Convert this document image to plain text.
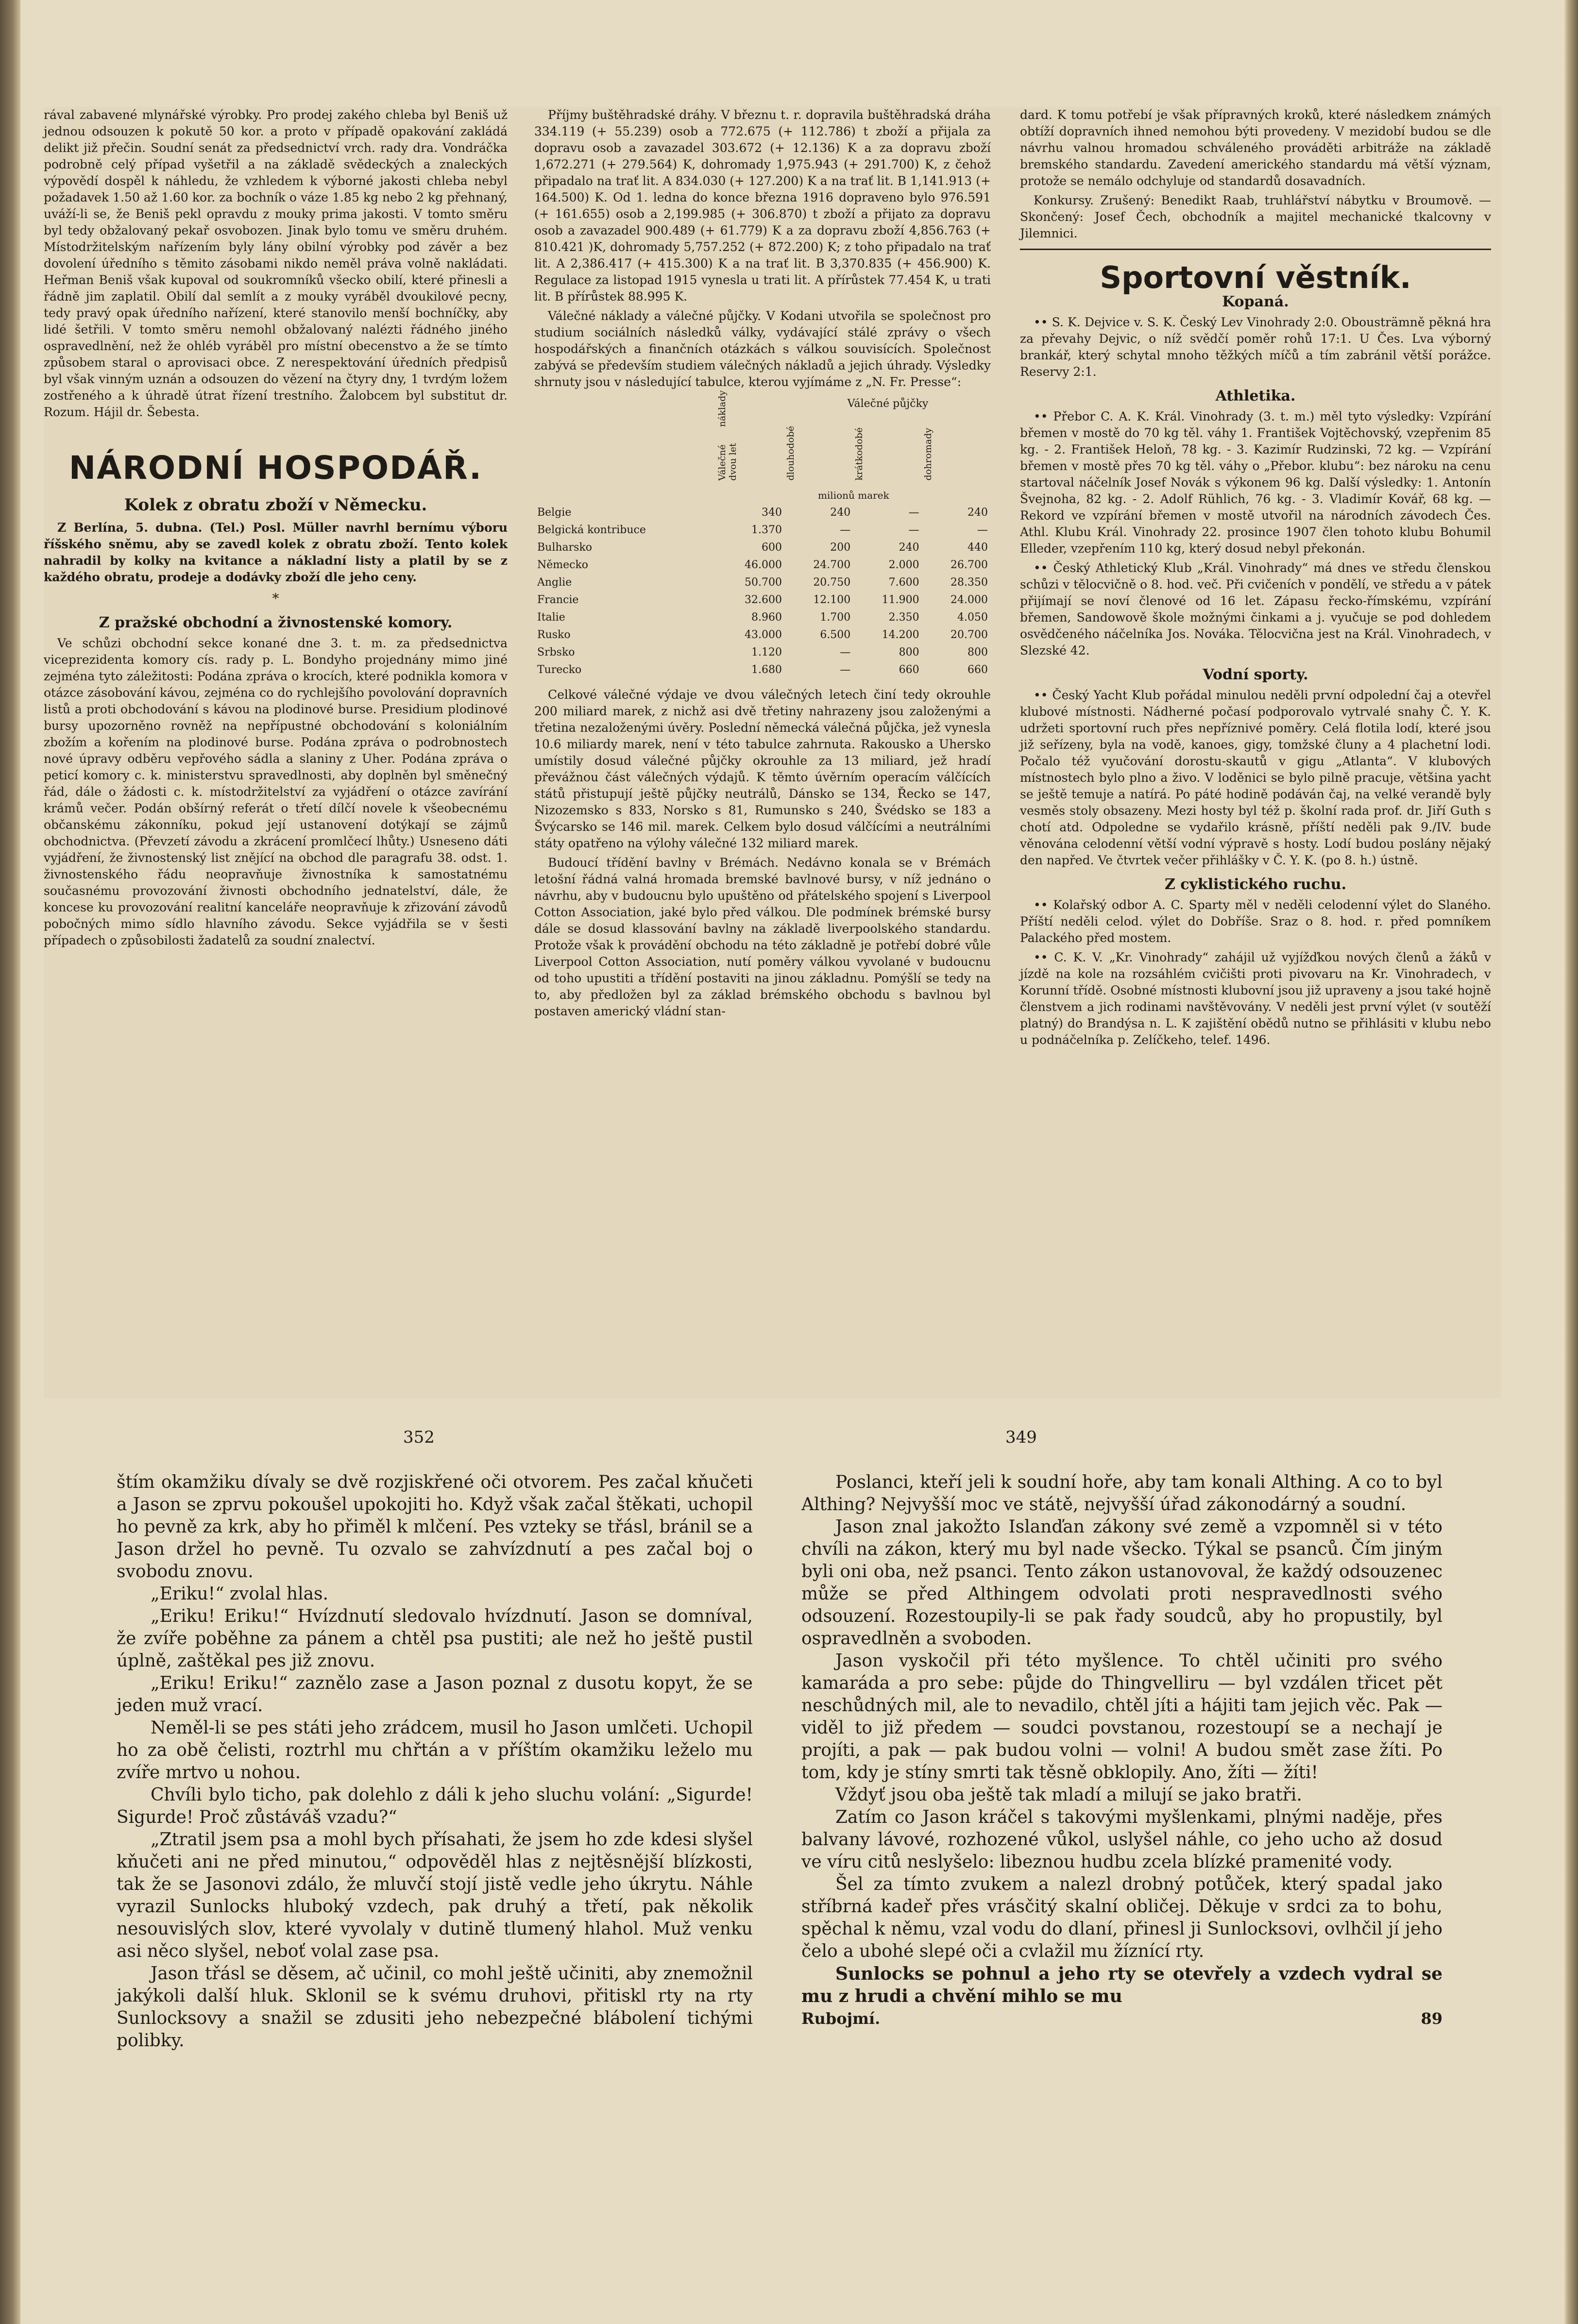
rával zabavené mlynářské výrobky. Pro prodej zakého chleba byl Beniš už jednou odsouzen k pokutě 50 kor. a proto v případě opakování zakládá delikt již přečin. Soudní senát za předsednictví vrch. rady dra. Vondráčka podrobně celý případ vyšetřil a na základě svědeckých a znaleckých výpovědí dospěl k náhledu, že vzhledem k výborné jakosti chleba nebyl požadavek 1.50 až 1.60 kor. za bochník o váze 1.85 kg nebo 2 kg přehnaný, uváží-li se, že Beniš pekl opravdu z mouky prima jakosti. V tomto směru byl tedy obžalovaný pekař osvobozen. Jinak bylo tomu ve směru druhém. Místodržitelským nařízením byly lány obilní výrobky pod závěr a bez dovolení úředního s těmito zásobami nikdo neměl práva volně nakládati. Heřman Beniš však kupoval od soukromníků všecko obilí, které přinesli a řádně jim zaplatil. Obilí dal semlít a z mouky vyráběl dvoukilové pecny, tedy pravý opak úředního nařízení, které stanovilo menší bochníčky, aby lidé šetřili. V tomto směru nemohl obžalovaný nalézti řádného jiného ospravedlnění, než že ohléb vyráběl pro místní obecenstvo a že se tímto způsobem staral o aprovisaci obce. Z nerespektování úředních předpisů byl však vinným uznán a odsouzen do vězení na čtyry dny, 1 tvrdým ložem zostřeného a k úhradě útrat řízení trestního. Žalobcem byl substitut dr. Rozum. Hájil dr. Šebesta.

NÁRODNÍ HOSPODÁŘ.
Kolek z obratu zboží v Německu.

Z Berlína, 5. dubna. (Tel.) Posl. Müller navrhl bernímu výboru říšského sněmu, aby se zavedl kolek z obratu zboží. Tento kolek nahradil by kolky na kvitance a nákladní listy a platil by se z každého obratu, prodeje a dodávky zboží dle jeho ceny.

*
Z pražské obchodní a živnostenské komory.

Ve schůzi obchodní sekce konané dne 3. t. m. za předsednictva viceprezidenta komory cís. rady p. L. Bondyho projednány mimo jiné zejména tyto záležitosti: Podána zpráva o krocích, které podnikla komora v otázce zásobování kávou, zejména co do rychlejšího povolování dopravních listů a proti obchodování s kávou na plodinové burse. Presidium plodinové bursy upozorněno rovněž na nepřípustné obchodování s koloniálním zbožím a kořením na plodinové burse. Podána zpráva o podrobnostech nové úpravy odběru vepřového sádla a slaniny z Uher. Podána zpráva o peticí komory c. k. ministerstvu spravedlnosti, aby doplněn byl směnečný řád, dále o žádosti c. k. místodržitelství za vyjádření o otázce zavírání krámů večer. Podán obšírný referát o třetí dílčí novele k všeobecnému občanskému zákonníku, pokud její ustanovení dotýkají se zájmů obchodnictva. (Převzetí závodu a zkrácení promlčecí lhůty.) Usneseno dáti vyjádření, že živnostenský list znějící na obchod dle paragrafu 38. odst. 1. živnostenského řádu neopravňuje živnostníka k samostatnému současnému provozování živnosti obchodního jednatelství, dále, že koncese ku provozování realitní kanceláře neopravňuje k zřizování závodů pobočných mimo sídlo hlavního závodu. Sekce vyjádřila se v šesti případech o způsobilosti žadatelů za soudní znalectví.

Příjmy buštěhradské dráhy. V březnu t. r. dopravila buštěhradská dráha 334.119 (+ 55.239) osob a 772.675 (+ 112.786) t zboží a přijala za dopravu osob a zavazadel 303.672 (+ 12.136) K a za dopravu zboží 1,672.271 (+ 279.564) K, dohromady 1,975.943 (+ 291.700) K, z čehož připadalo na trať lit. A 834.030 (+ 127.200) K a na trať lit. B 1,141.913 (+ 164.500) K. Od 1. ledna do konce března 1916 dopraveno bylo 976.591 (+ 161.655) osob a 2,199.985 (+ 306.870) t zboží a přijato za dopravu osob a zavazadel 900.489 (+ 61.779) K a za dopravu zboží 4,856.763 (+ 810.421 )K, dohromady 5,757.252 (+ 872.200) K; z toho připadalo na trať lit. A 2,386.417 (+ 415.300) K a na trať lit. B 3,370.835 (+ 456.900) K. Regulace za listopad 1915 vynesla u trati lit. A přírůstek 77.454 K, u trati lit. B přírůstek 88.995 K.

Válečné náklady a válečné půjčky. V Kodani utvořila se společnost pro studium sociálních následků války, vydávající stálé zprávy o všech hospodářských a finančních otázkách s válkou souvisících. Společnost zabývá se především studiem válečných nákladů a jejich úhrady. Výsledky shrnuty jsou v následující tabulce, kterou vyjímáme z „N. Fr. Presse“:

	Válečné náklady dvou let	Válečné půjčky		
		dlouhodobé	krátkodobé	dohromady
	milionů marek			
Belgie	340	240	—	240
Belgická kontribuce	1.370	—	—	—
Bulharsko	600	200	240	440
Německo	46.000	24.700	2.000	26.700
Anglie	50.700	20.750	7.600	28.350
Francie	32.600	12.100	11.900	24.000
Italie	8.960	1.700	2.350	4.050
Rusko	43.000	6.500	14.200	20.700
Srbsko	1.120	—	800	800
Turecko	1.680	—	660	660

Celkové válečné výdaje ve dvou válečných letech činí tedy okrouhle 200 miliard marek, z nichž asi dvě třetiny nahrazeny jsou založenými a třetina nezaloženými úvěry. Poslední německá válečná půjčka, jež vynesla 10.6 miliardy marek, není v této tabulce zahrnuta. Rakousko a Uhersko umístily dosud válečné půjčky okrouhle za 13 miliard, jež hradí převážnou část válečných výdajů. K těmto úvěrním operacím válčících států přistupují ještě půjčky neutrálů, Dánsko se 134, Řecko se 147, Nizozemsko s 833, Norsko s 81, Rumunsko s 240, Švédsko se 183 a Švýcarsko se 146 mil. marek. Celkem bylo dosud válčícími a neutrálními státy opatřeno na výlohy válečné 132 miliard marek.

Budoucí třídění bavlny v Brémách. Nedávno konala se v Brémách letošní řádná valná hromada bremské bavlnové bursy, v níž jednáno o návrhu, aby v budoucnu bylo upuštěno od přátelského spojení s Liverpool Cotton Association, jaké bylo před válkou. Dle podmínek brémské bursy dále se dosud klassování bavlny na základě liverpoolského standardu. Protože však k provádění obchodu na této základně je potřebí dobré vůle Liverpool Cotton Association, nutí poměry válkou vyvolané v budoucnu od toho upustiti a třídění postaviti na jinou základnu. Pomýšlí se tedy na to, aby předložen byl za základ brémského obchodu s bavlnou byl postaven americký vládní stan-

dard. K tomu potřebí je však přípravných kroků, které následkem známých obtíží dopravních ihned nemohou býti provedeny. V mezidobí budou se dle návrhu valnou hromadou schváleného prováděti arbitráže na základě bremského standardu. Zavedení amerického standardu má větší význam, protože se nemálo odchyluje od standardů dosavadních.

Konkursy. Zrušený: Benedikt Raab, truhlářství nábytku v Broumově. — Skončený: Josef Čech, obchodník a majitel mechanické tkalcovny v Jilemnici.

Sportovní věstník.
Kopaná.

•• S. K. Dejvice v. S. K. Český Lev Vinohrady 2:0. Obousträmně pěkná hra za převahy Dejvic, o níž svědčí poměr rohů 17:1. U Čes. Lva výborný brankář, který schytal mnoho těžkých míčů a tím zabránil větší porážce. Reservy 2:1.

Athletika.

•• Přebor C. A. K. Král. Vinohrady (3. t. m.) měl tyto výsledky: Vzpírání břemen v mostě do 70 kg těl. váhy 1. František Vojtěchovský, vzepřenim 85 kg. - 2. František Heloň, 78 kg. - 3. Kazimír Rudzinski, 72 kg. — Vzpírání břemen v mostě přes 70 kg těl. váhy o „Přebor. klubu“: bez nároku na cenu startoval náčelník Josef Novák s výkonem 96 kg. Další výsledky: 1. Antonín Švejnoha, 82 kg. - 2. Adolf Rühlich, 76 kg. - 3. Vladimír Kovář, 68 kg. — Rekord ve vzpírání břemen v mostě utvořil na národních závodech Čes. Athl. Klubu Král. Vinohrady 22. prosince 1907 člen tohoto klubu Bohumil Elleder, vzepřením 110 kg, který dosud nebyl překonán.

•• Český Athletický Klub „Král. Vinohrady“ má dnes ve středu členskou schůzi v tělocvičně o 8. hod. več. Při cvičeních v pondělí, ve středu a v pátek přijímají se noví členové od 16 let. Zápasu řecko-římskému, vzpírání břemen, Sandowově škole možnými činkami a j. vyučuje se pod dohledem osvědčeného náčelníka Jos. Nováka. Tělocvična jest na Král. Vinohradech, v Slezské 42.

Vodní sporty.

•• Český Yacht Klub pořádal minulou neděli první odpolední čaj a otevřel klubové místnosti. Nádherné počasí podporovalo vytrvalé snahy Č. Y. K. udržeti sportovní ruch přes nepříznivé poměry. Celá flotila lodí, které jsou již seřízeny, byla na vodě, kanoes, gigy, tomžské čluny a 4 plachetní lodi. Počalo též vyučování dorostu-skautů v gigu „Atlanta“. V klubových místnostech bylo plno a živo. V loděnici se bylo pilně pracuje, většina yacht se ještě temuje a natírá. Po páté hodině podáván čaj, na velké verandě byly vesměs stoly obsazeny. Mezi hosty byl též p. školní rada prof. dr. Jiří Guth s chotí atd. Odpoledne se vydařilo krásně, příští neděli pak 9./IV. bude věnována celodenní větší vodní výpravě s hosty. Lodí budou poslány nějaký den napřed. Ve čtvrtek večer přihlášky v Č. Y. K. (po 8. h.) ústně.

Z cyklistického ruchu.

•• Kolařský odbor A. C. Sparty měl v neděli celodenní výlet do Slaného. Příští neděli celod. výlet do Dobříše. Sraz o 8. hod. r. před pomníkem Palackého před mostem.

•• C. K. V. „Kr. Vinohrady“ zahájil už vyjížďkou nových členů a žáků v jízdě na kole na rozsáhlém cvičišti proti pivovaru na Kr. Vinohradech, v Korunní třídě. Osobné místnosti klubovní jsou již upraveny a jsou také hojně členstvem a jich rodinami navštěvovány. V neděli jest první výlet (v soutěží platný) do Brandýsa n. L. K zajištění obědů nutno se přihlásiti v klubu nebo u podnáčelníka p. Zelíčkeho, telef. 1496.

352	349

štím okamžiku dívaly se dvě rozjiskřené oči otvorem. Pes začal kňučeti a Jason se zprvu pokoušel upokojiti ho. Když však začal štěkati, uchopil ho pevně za krk, aby ho přiměl k mlčení. Pes vztekу se třásl, bránil se a Jason držel ho pevně. Tu ozvalo se zahvízdnutí a pes začal boj o svobodu znovu.

„Eriku!“ zvolal hlas.

„Eriku! Eriku!“ Hvízdnutí sledovalo hvízdnutí. Jason se domníval, že zvíře poběhne za pánem a chtěl psa pustiti; ale než ho ještě pustil úplně, zaštěkal pes již znovu.

„Eriku! Eriku!“ zaznělo zase a Jason poznal z dusotu kopyt, že se jeden muž vrací.

Neměl-li se pes státi jeho zrádcem, musil ho Jason umlčeti. Uchopil ho za obě čelisti, roztrhl mu chřtán a v příštím okamžiku leželo mu zvíře mrtvo u nohou.

Chvíli bylo ticho, pak dolehlo z dáli k jeho sluchu volání: „Sigurde! Sigurde! Proč zůstáváš vzadu?“

„Ztratil jsem psa a mohl bych přísahati, že jsem ho zde kdesi slyšel kňučeti ani ne před minutou,“ odpověděl hlas z nejtěsnější blízkosti, tak že se Jasonovi zdálo, že mluvčí stojí jistě vedle jeho úkrytu. Náhle vyrazil Sunlocks hluboký vzdech, pak druhý a třetí, pak několik nesouvislých slov, které vyvolaly v dutině tlumený hlahol. Muž venku asi něco slyšel, neboť volal zase psa.

Jason třásl se děsem, ač učinil, co mohl ještě učiniti, aby znemožnil jakýkoli další hluk. Sklonil se k svému druhovi, přitiskl rty na rty Sunlocksovy a snažil se zdusiti jeho nebezpečné blábolení tichými polibky.

Poslanci, kteří jeli k soudní hoře, aby tam konali Althing. A co to byl Althing? Nejvyšší moc ve státě, nejvyšší úřad zákonodárný a soudní.

Jason znal jakožto Islanďan zákony své země a vzpomněl si v této chvíli na zákon, který mu byl nade všecko. Týkal se psanců. Čím jiným byli oni oba, než psanci. Tento zákon ustanovoval, že každý odsouzenec může se před Althingem odvolati proti nespravedlnosti svého odsouzení. Rozestoupily-li se pak řady soudců, aby ho propustily, byl ospravedlněn a svoboden.

Jason vyskočil při této myšlence. To chtěl učiniti pro svého kamaráda a pro sebe: půjde do Thingvelliru — byl vzdálen třicet pět neschůdných mil, ale to nevadilo, chtěl jíti a hájiti tam jejich věc. Pak — viděl to již předem — soudci povstanou, rozestoupí se a nechají je projíti, a pak — pak budou volni — volni! A budou smět zase žíti. Po tom, kdy je stíny smrti tak těsně obklopily. Ano, žíti — žíti!

Vždyť jsou oba ještě tak mladí a milují se jako bratři.

Zatím co Jason kráčel s takovými myšlenkami, plnými naděje, přes balvany lávové, rozhozené vůkol, uslyšel náhle, co jeho ucho až dosud ve víru citů neslyšelo: libeznou hudbu zcela blízké pramenité vody.

Šel za tímto zvukem a nalezl drobný potůček, který spadal jako stříbrná kadeř přes vrásčitý skalní obličej. Děkuje v srdci za to bohu, spěchal k němu, vzal vodu do dlaní, přinesl ji Sunlocksovi, ovlhčil jí jeho čelo a ubohé slepé oči a cvlažil mu žíznící rty.

Sunlocks se pohnul a jeho rty se otevřely a vzdech vydral se mu z hrudi a chvění mihlo se mu

Rubojmí.	89
